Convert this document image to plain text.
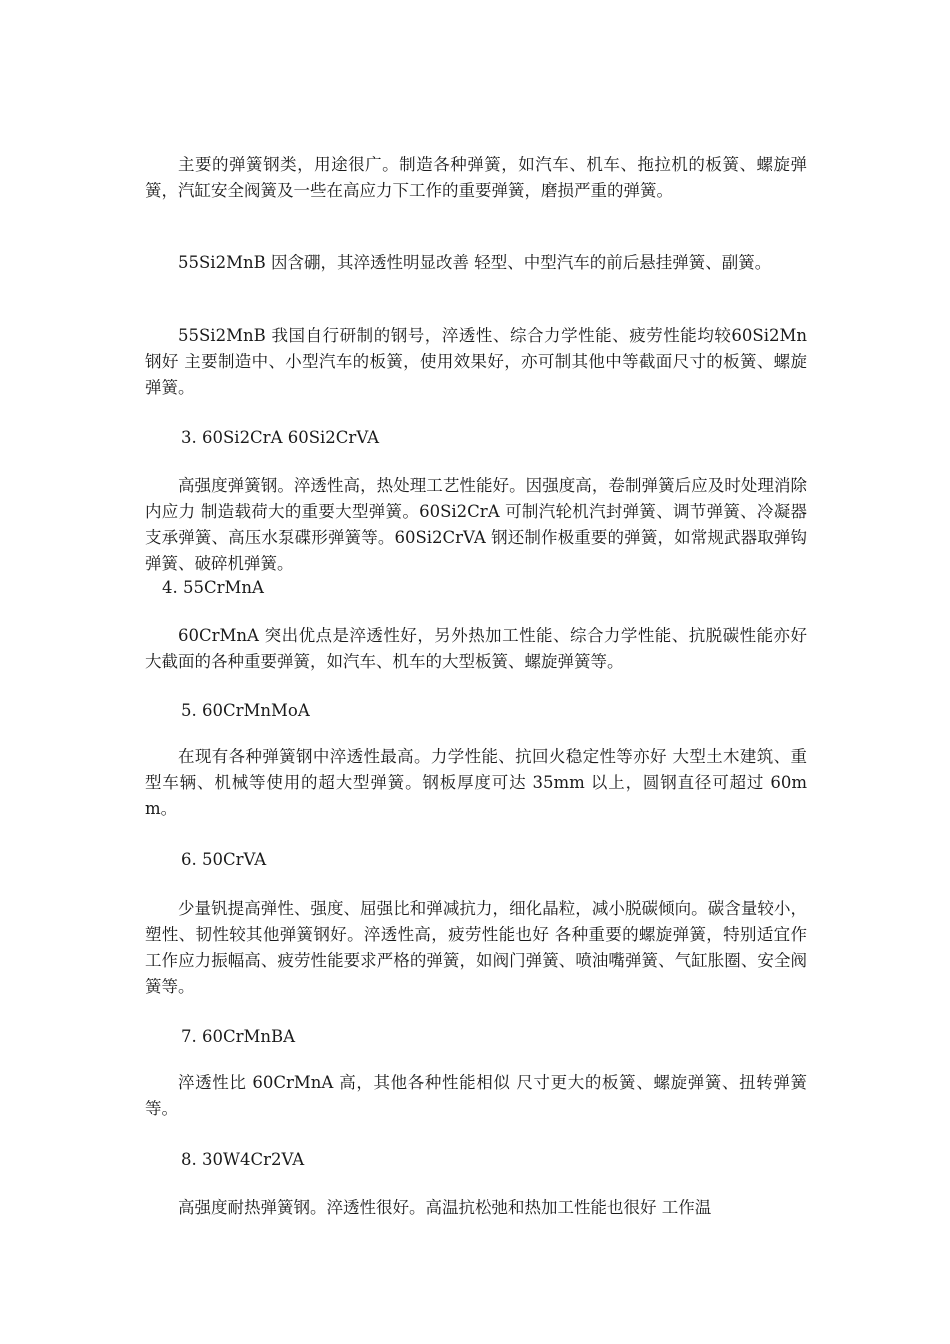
主要的弹簧钢类，用途很广。制造各种弹簧，如汽车、机车、拖拉机的板簧、螺旋弹簧，汽缸安全阀簧及一些在高应力下工作的重要弹簧，磨损严重的弹簧。

55Si2MnB 因含硼，其淬透性明显改善 轻型、中型汽车的前后悬挂弹簧、副簧。

55Si2MnB 我国自行研制的钢号，淬透性、综合力学性能、疲劳性能均较60Si2Mn 钢好 主要制造中、小型汽车的板簧，使用效果好，亦可制其他中等截面尺寸的板簧、螺旋弹簧。

3. 60Si2CrA 60Si2CrVA

高强度弹簧钢。淬透性高，热处理工艺性能好。因强度高，卷制弹簧后应及时处理消除内应力 制造载荷大的重要大型弹簧。60Si2CrA 可制汽轮机汽封弹簧、调节弹簧、冷凝器支承弹簧、高压水泵碟形弹簧等。60Si2CrVA 钢还制作极重要的弹簧，如常规武器取弹钩弹簧、破碎机弹簧。

4. 55CrMnA

60CrMnA 突出优点是淬透性好，另外热加工性能、综合力学性能、抗脱碳性能亦好 大截面的各种重要弹簧，如汽车、机车的大型板簧、螺旋弹簧等。

5. 60CrMnMoA

在现有各种弹簧钢中淬透性最高。力学性能、抗回火稳定性等亦好 大型土木建筑、重型车辆、机械等使用的超大型弹簧。钢板厚度可达 35mm 以上，圆钢直径可超过 60mm。

6. 50CrVA

少量钒提高弹性、强度、屈强比和弹减抗力，细化晶粒，减小脱碳倾向。碳含量较小，塑性、韧性较其他弹簧钢好。淬透性高，疲劳性能也好 各种重要的螺旋弹簧，特别适宜作工作应力振幅高、疲劳性能要求严格的弹簧，如阀门弹簧、喷油嘴弹簧、气缸胀圈、安全阀簧等。

7. 60CrMnBA

淬透性比 60CrMnA 高，其他各种性能相似 尺寸更大的板簧、螺旋弹簧、扭转弹簧等。

8. 30W4Cr2VA

高强度耐热弹簧钢。淬透性很好。高温抗松弛和热加工性能也很好 工作温
